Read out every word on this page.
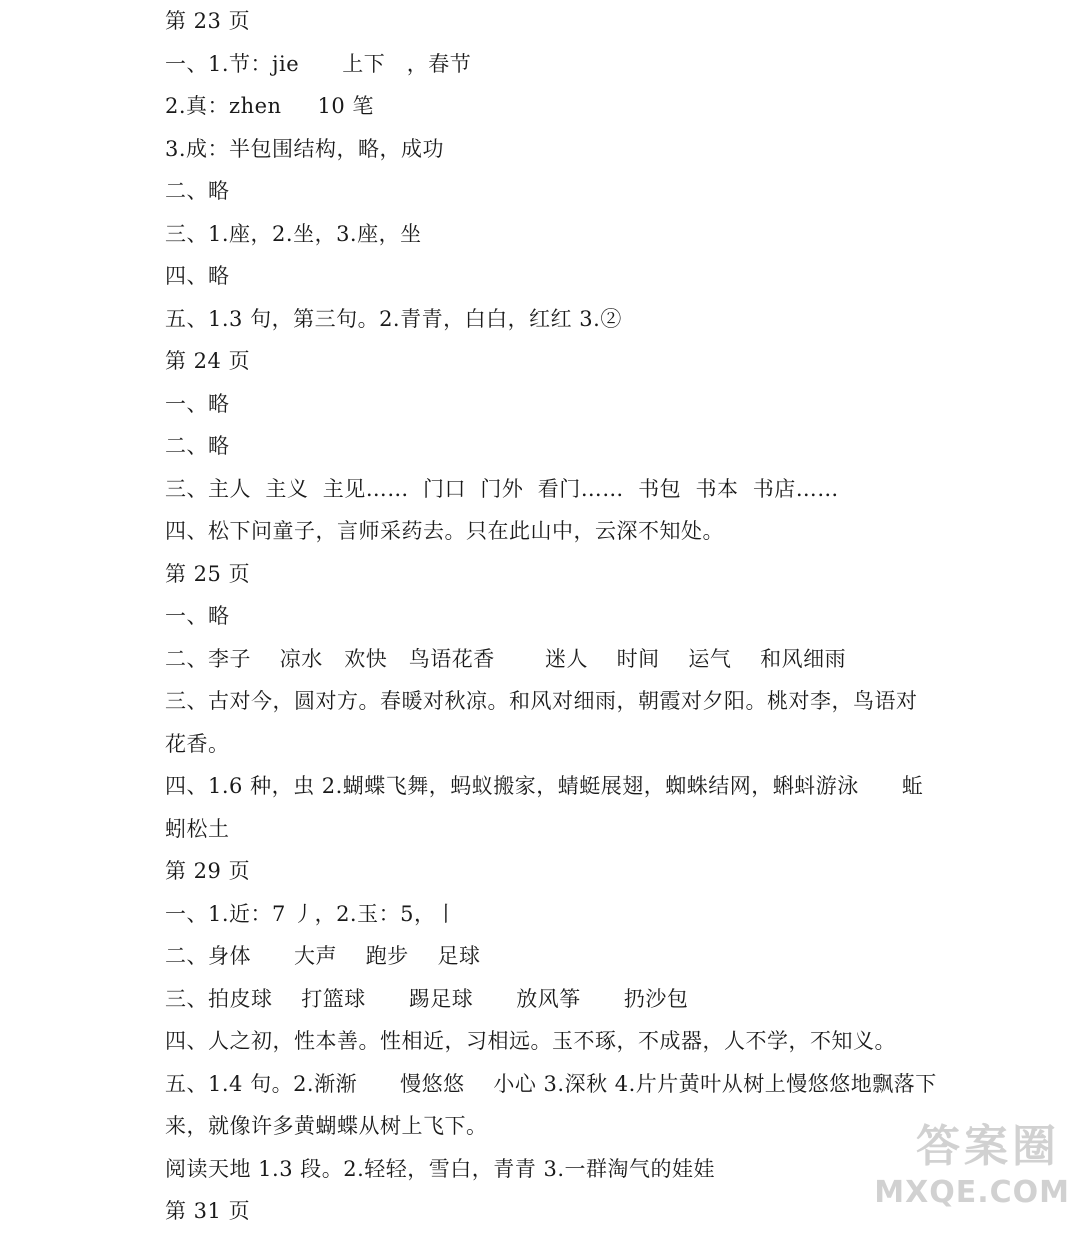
第 23 页
一、1.节：jie      上下   ，春节
2.真：zhen     10 笔
3.成：半包围结构，略，成功
二、略
三、1.座，2.坐，3.座，坐
四、略
五、1.3 句，第三句。2.青青，白白，红红 3.②
第 24 页
一、略
二、略
三、主人  主义  主见……  门口  门外  看门……  书包  书本  书店……
四、松下问童子，言师采药去。只在此山中，云深不知处。
第 25 页
一、略
二、李子    凉水   欢快   鸟语花香       迷人    时间    运气    和风细雨
三、古对今，圆对方。春暖对秋凉。和风对细雨，朝霞对夕阳。桃对李，鸟语对
花香。
四、1.6 种，虫 2.蝴蝶飞舞，蚂蚁搬家，蜻蜓展翅，蜘蛛结网，蝌蚪游泳      蚯
蚓松土
第 29 页
一、1.近：7 丿，2.玉：5，丨
二、身体      大声    跑步    足球
三、拍皮球    打篮球      踢足球      放风筝      扔沙包
四、人之初，性本善。性相近，习相远。玉不琢，不成器，人不学，不知义。
五、1.4 句。2.渐渐      慢悠悠    小心 3.深秋 4.片片黄叶从树上慢悠悠地飘落下
来，就像许多黄蝴蝶从树上飞下。
阅读天地 1.3 段。2.轻轻，雪白，青青 3.一群淘气的娃娃
第 31 页
答案圈
MXQE.COM
